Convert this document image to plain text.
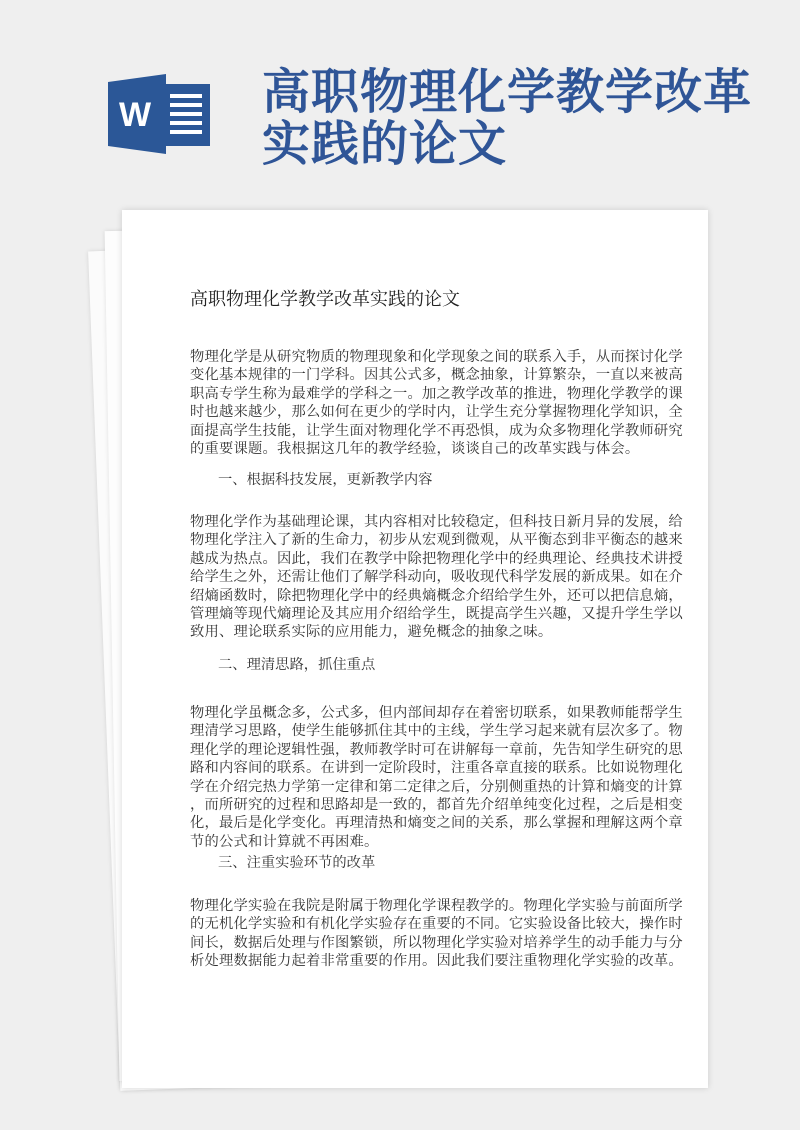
W 高职物理化学教学改革
实践的论文
高职物理化学教学改革实践的论文
物理化学是从研究物质的物理现象和化学现象之间的联系入手，从而探讨化学
变化基本规律的一门学科。因其公式多，概念抽象，计算繁杂，一直以来被高
职高专学生称为最难学的学科之一。加之教学改革的推进，物理化学教学的课
时也越来越少，那么如何在更少的学时内，让学生充分掌握物理化学知识，全
面提高学生技能，让学生面对物理化学不再恐惧，成为众多物理化学教师研究
的重要课题。我根据这几年的教学经验，谈谈自己的改革实践与体会。
一、根据科技发展，更新教学内容
物理化学作为基础理论课，其内容相对比较稳定，但科技日新月异的发展，给
物理化学注入了新的生命力，初步从宏观到微观，从平衡态到非平衡态的越来
越成为热点。因此，我们在教学中除把物理化学中的经典理论、经典技术讲授
给学生之外，还需让他们了解学科动向，吸收现代科学发展的新成果。如在介
绍熵函数时，除把物理化学中的经典熵概念介绍给学生外，还可以把信息熵，
管理熵等现代熵理论及其应用介绍给学生，既提高学生兴趣，又提升学生学以
致用、理论联系实际的应用能力，避免概念的抽象之味。
二、理清思路，抓住重点
物理化学虽概念多，公式多，但内部间却存在着密切联系，如果教师能帮学生
理清学习思路，使学生能够抓住其中的主线，学生学习起来就有层次多了。物
理化学的理论逻辑性强，教师教学时可在讲解每一章前，先告知学生研究的思
路和内容间的联系。在讲到一定阶段时，注重各章直接的联系。比如说物理化
学在介绍完热力学第一定律和第二定律之后，分别侧重热的计算和熵变的计算
，而所研究的过程和思路却是一致的，都首先介绍单纯变化过程，之后是相变
化，最后是化学变化。再理清热和熵变之间的关系，那么掌握和理解这两个章
节的公式和计算就不再困难。
三、注重实验环节的改革
物理化学实验在我院是附属于物理化学课程教学的。物理化学实验与前面所学
的无机化学实验和有机化学实验存在重要的不同。它实验设备比较大，操作时
间长，数据后处理与作图繁锁，所以物理化学实验对培养学生的动手能力与分
析处理数据能力起着非常重要的作用。因此我们要注重物理化学实验的改革。
